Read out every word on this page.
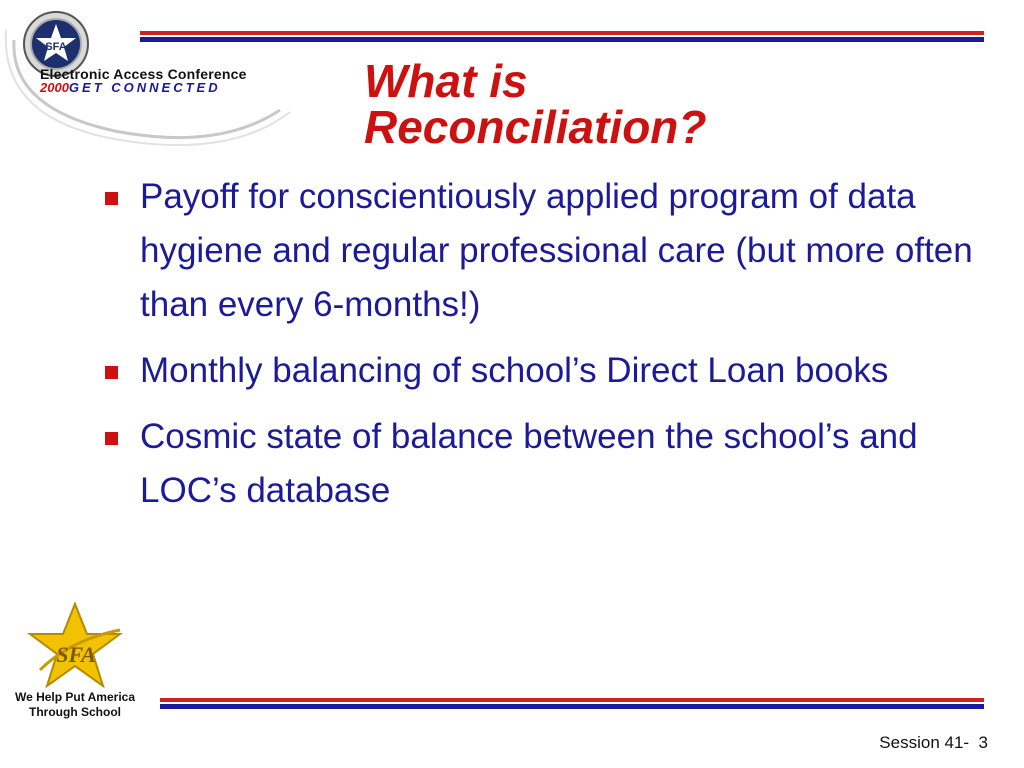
SFA
Electronic Access Conference
2000GET CONNECTED	What is
Reconciliation?
Payoff for conscientiously applied program of data hygiene and regular professional care (but more often than every 6-months!)
Monthly balancing of school’s Direct Loan books
Cosmic state of balance between the school’s and LOC’s database
SFA
We Help Put America
Through School
Session 41- 3
